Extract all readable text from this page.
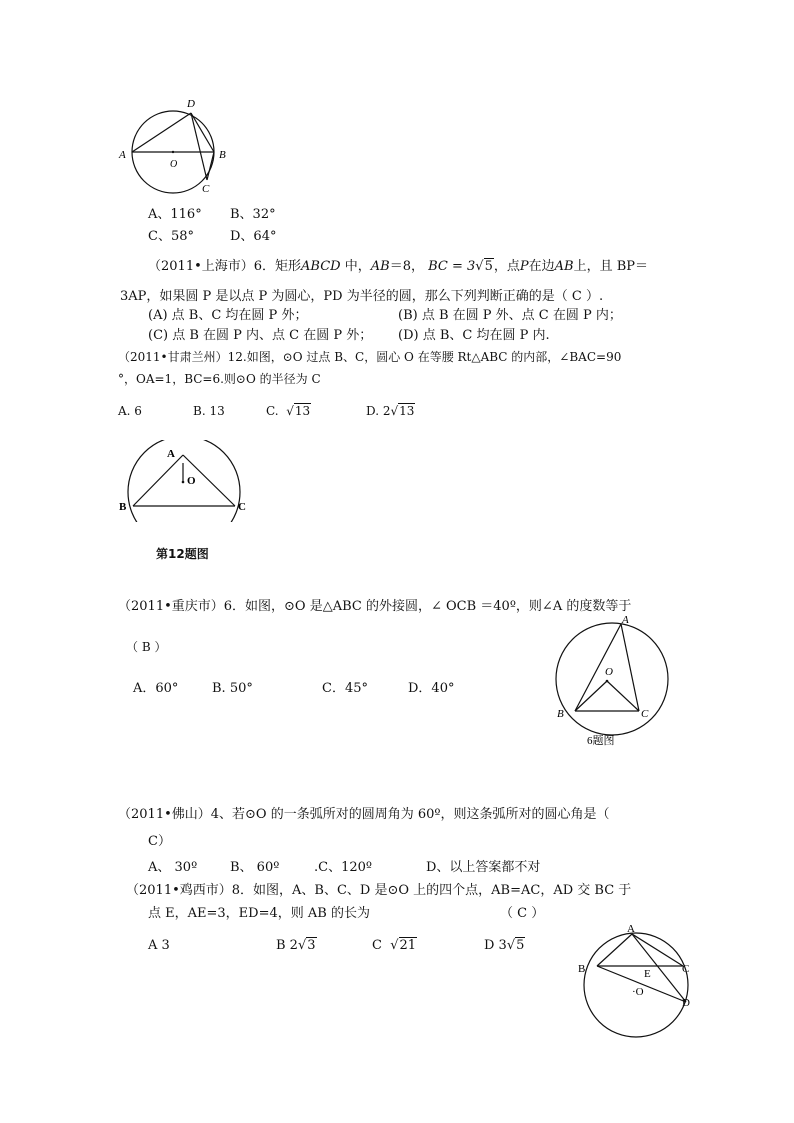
A	B
D
C
O
A、116° B、32°
C、58°	D、64°
（2011•上海市）6．矩形ABCD 中，AB＝8， BC = 3√5，点P在边AB上，且 BP＝
3AP，如果圆 P 是以点 P 为圆心，PD 为半径的圆，那么下列判断正确的是（ C ）.
(A) 点 B、C 均在圆 P 外；	(B) 点 B 在圆 P 外、点 C 在圆 P 内；
(C) 点 B 在圆 P 内、点 C 在圆 P 外； (D) 点 B、C 均在圆 P 内.
（2011•甘肃兰州）12.如图，⊙O 过点 B、C，圆心 O 在等腰 Rt△ABC 的内部，∠BAC=90
°，OA=1，BC=6.则⊙O 的半径为 C
A. 6	B. 13	C.  √13	D. 2√13
A
O
B	C
第12题图
（2011•重庆市）6．如图，⊙O 是△ABC 的外接圆，∠ OCB ＝40º，则∠A 的度数等于
（ B ）
A．60°	B. 50°	C．45°	D．40°
A
O
B	C
6题图
（2011•佛山）4、若⊙O 的一条弧所对的圆周角为 60º，则这条弧所对的圆心角是（
C）
A、 30º	B、 60º	.C、120º	D、以上答案都不对
（2011•鸡西市）8．如图，A、B、C、D 是⊙O 上的四个点，AB=AC，AD 交 BC 于
点 E，AE=3，ED=4，则 AB 的长为	（ C ）
A 3	B 2√3	C  √21	D 3√5
A
B	C
D
E
·O
